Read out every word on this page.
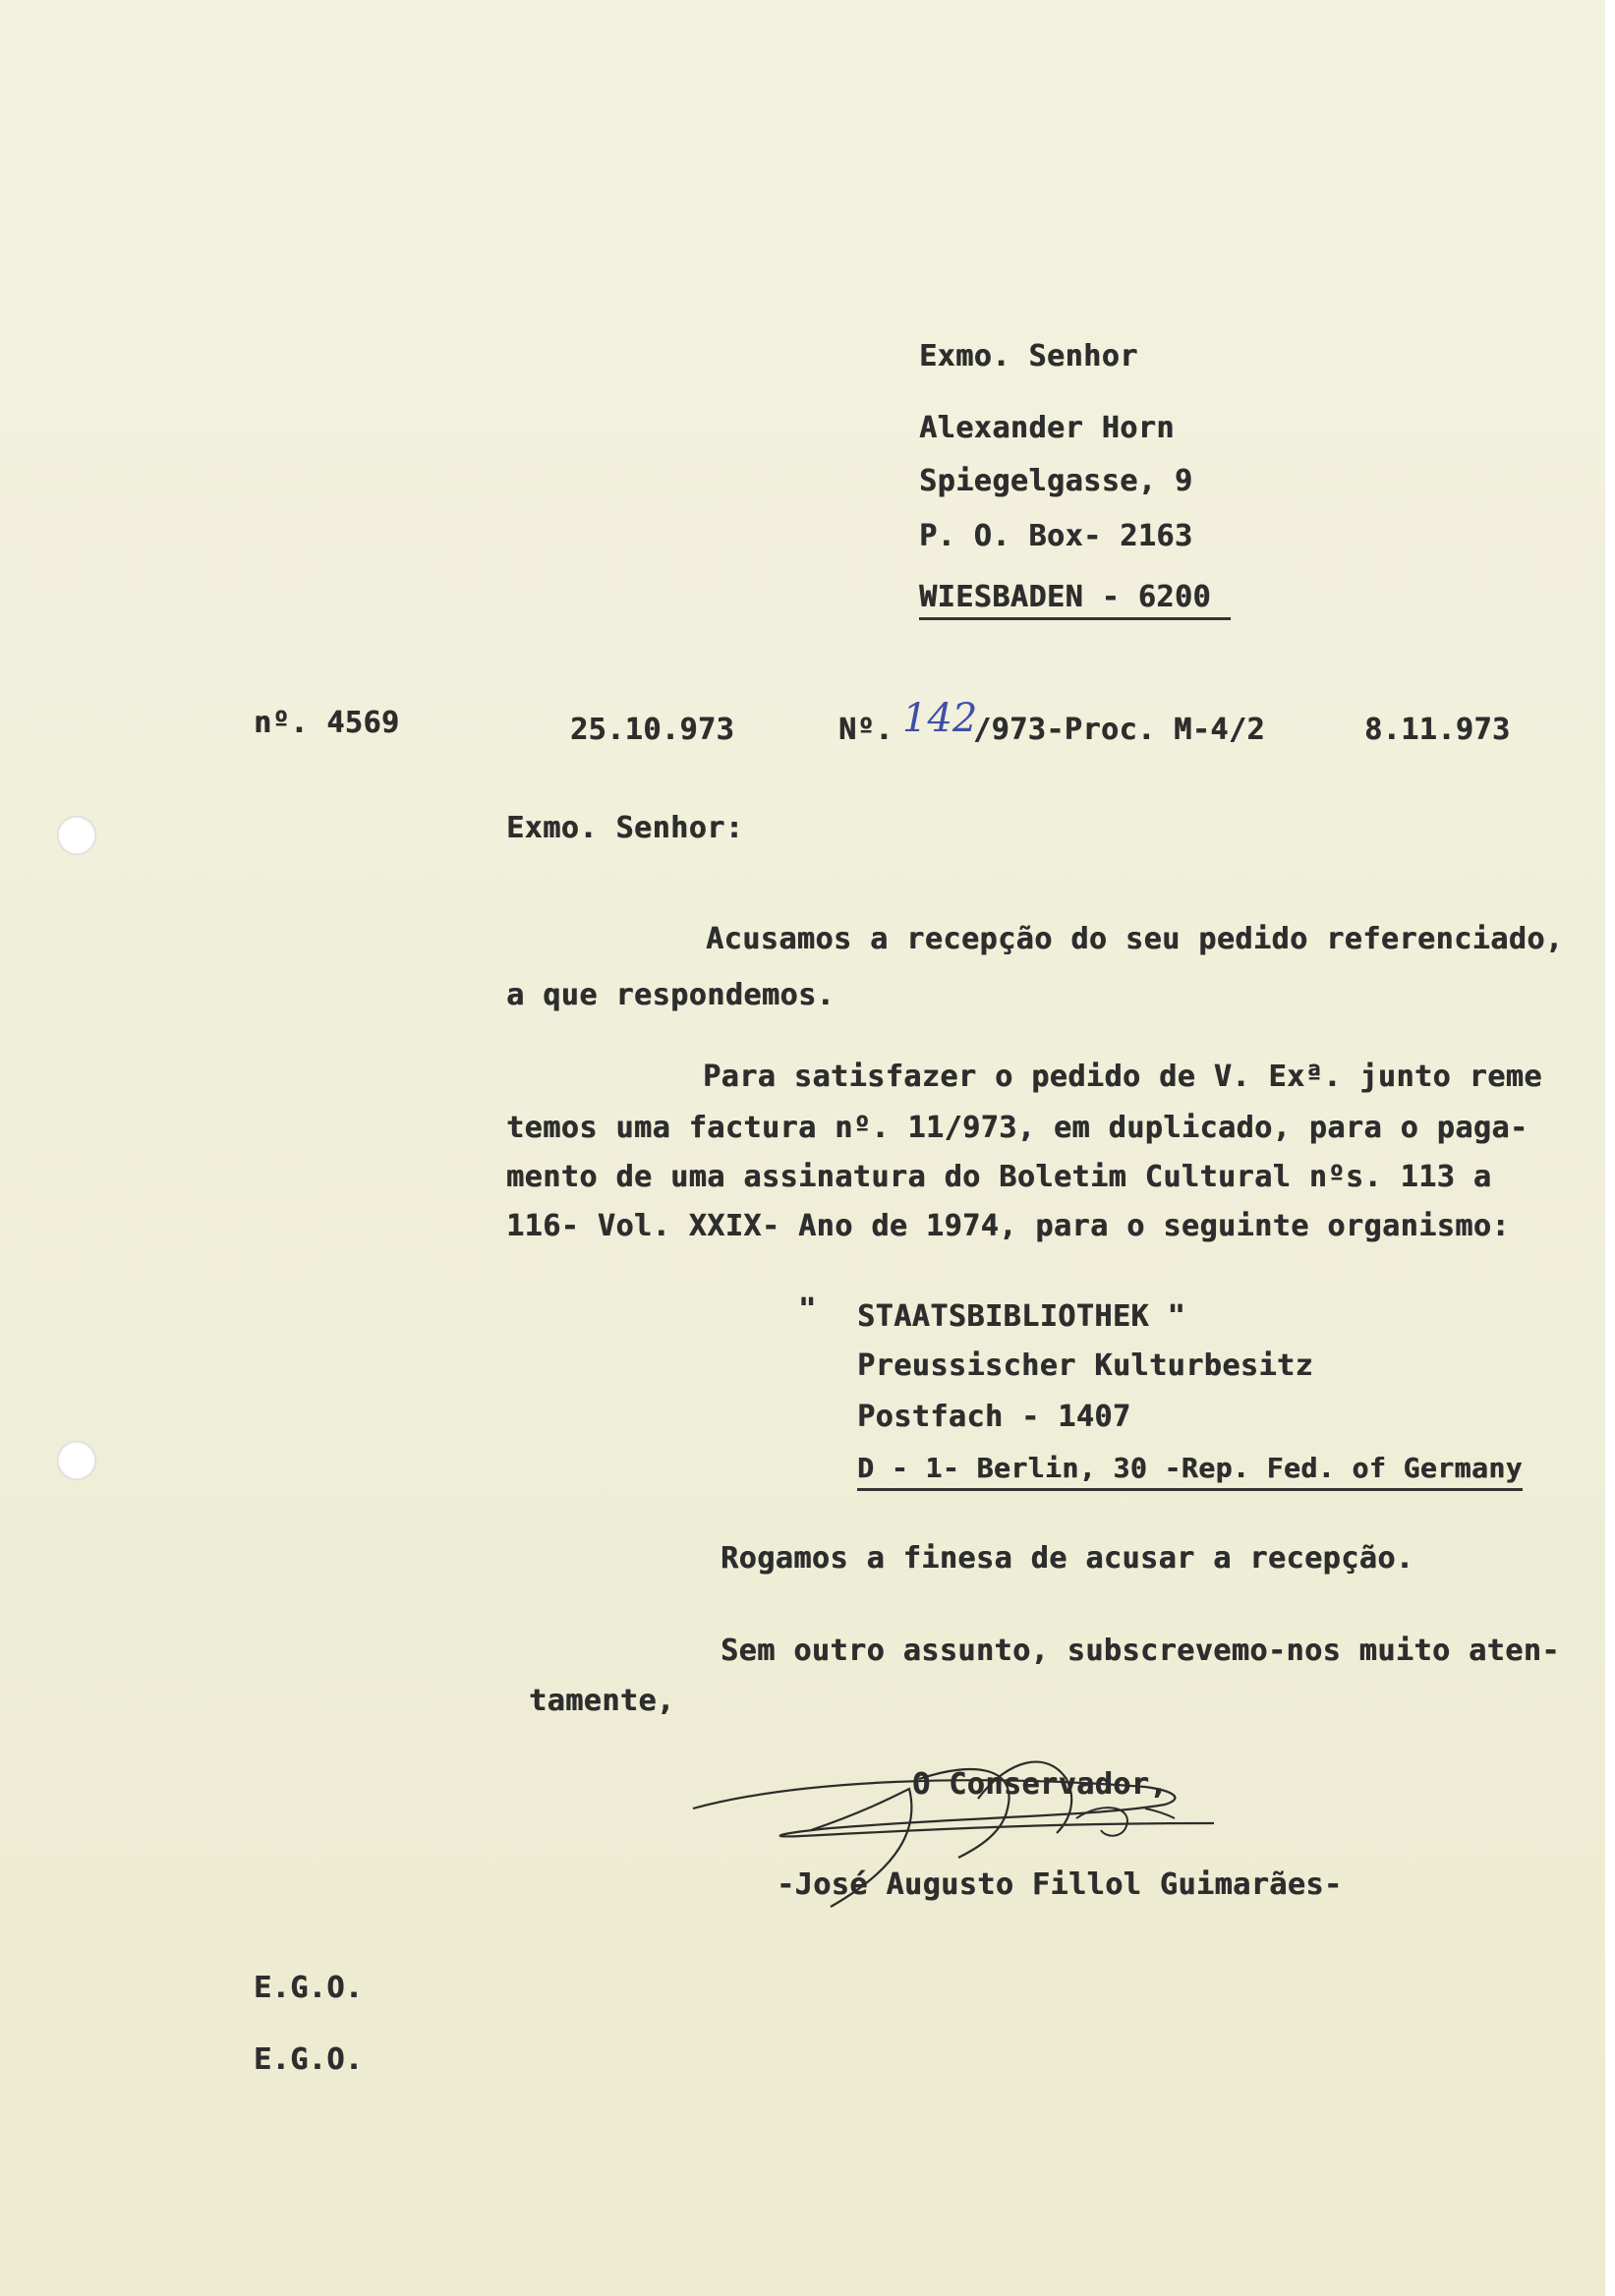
Exmo. Senhor
Alexander Horn
Spiegelgasse, 9
P. O. Box- 2163
WIESBADEN - 6200
nº. 4569	25.10.973	Nº. 142
/973-Proc. M-4/2	8.11.973
Exmo. Senhor:
Acusamos a recepção do seu pedido referenciado,
a que respondemos.
Para satisfazer o pedido de V. Exª. junto reme
temos uma factura nº. 11/973, em duplicado, para o paga-
mento de uma assinatura do Boletim Cultural nºs. 113 a
116- Vol. XXIX- Ano de 1974, para o seguinte organismo:
" STAATSBIBLIOTHEK "
Preussischer Kulturbesitz
Postfach - 1407
D - 1- Berlin, 30 -Rep. Fed. of Germany
Rogamos a finesa de acusar a recepção.
Sem outro assunto, subscrevemo-nos muito aten-
tamente,
O Conservador,
-José Augusto Fillol Guimarães-
E.G.O.
E.G.O.
